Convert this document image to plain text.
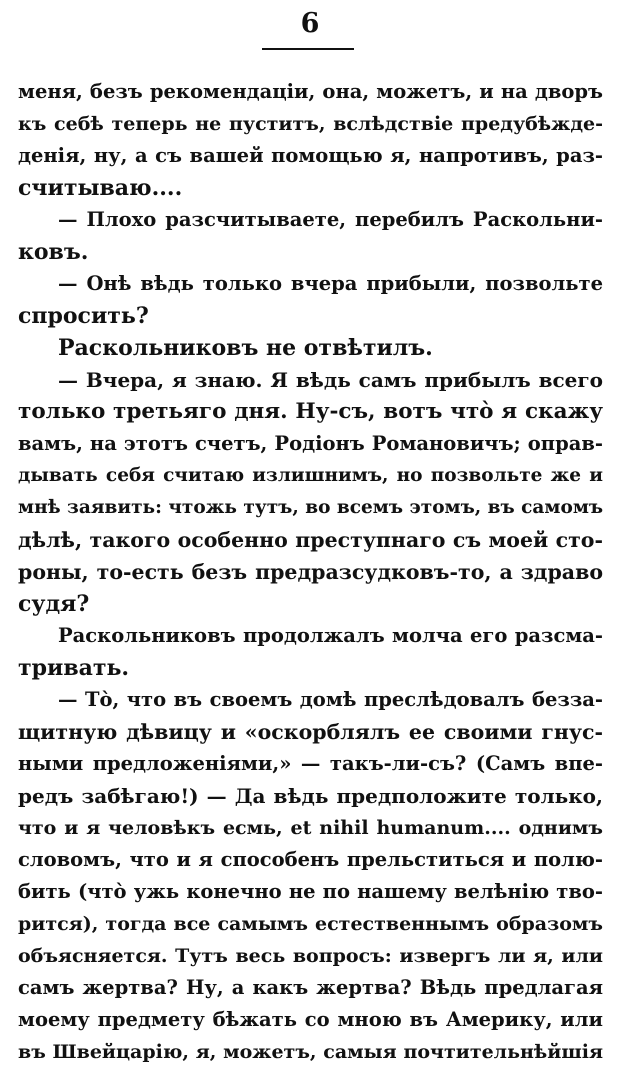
6
меня, безъ рекомендаціи, она, можетъ, и на дворъ
къ себѣ теперь не пуститъ, вслѣдствіе предубѣжде-
денія, ну, а съ вашей помощью я, напротивъ, раз-
считываю....
— Плохо разсчитываете, перебилъ Раскольни-
ковъ.
— Онѣ вѣдь только вчера прибыли, позвольте
спросить?
Раскольниковъ не отвѣтилъ.
— Вчера, я знаю. Я вѣдь самъ прибылъ всего
только третьяго дня. Ну-съ, вотъ что̀ я скажу
вамъ, на этотъ счетъ, Родіонъ Романовичъ; оправ-
дывать себя считаю излишнимъ, но позвольте же и
мнѣ заявить: чтожь тутъ, во всемъ этомъ, въ самомъ
дѣлѣ, такого особенно преступнаго съ моей сто-
роны, то-есть безъ предразсудковъ-то, а здраво
судя?
Раскольниковъ продолжалъ молча его разсма-
тривать.
— То̀, что въ своемъ домѣ преслѣдовалъ безза-
щитную дѣвицу и «оскорблялъ ее своими гнус-
ными предложеніями,» — такъ-ли-съ? (Самъ впе-
редъ забѣгаю!) — Да вѣдь предположите только,
что и я человѣкъ есмь, et nihil humanum.... однимъ
словомъ, что и я способенъ прельститься и полю-
бить (что̀ ужь конечно не по нашему велѣнію тво-
рится), тогда все самымъ естественнымъ образомъ
объясняется. Тутъ весь вопросъ: извергъ ли я, или
самъ жертва? Ну, а какъ жертва? Вѣдь предлагая
моему предмету бѣжать со мною въ Америку, или
въ Швейцарію, я, можетъ, самыя почтительнѣйшія
